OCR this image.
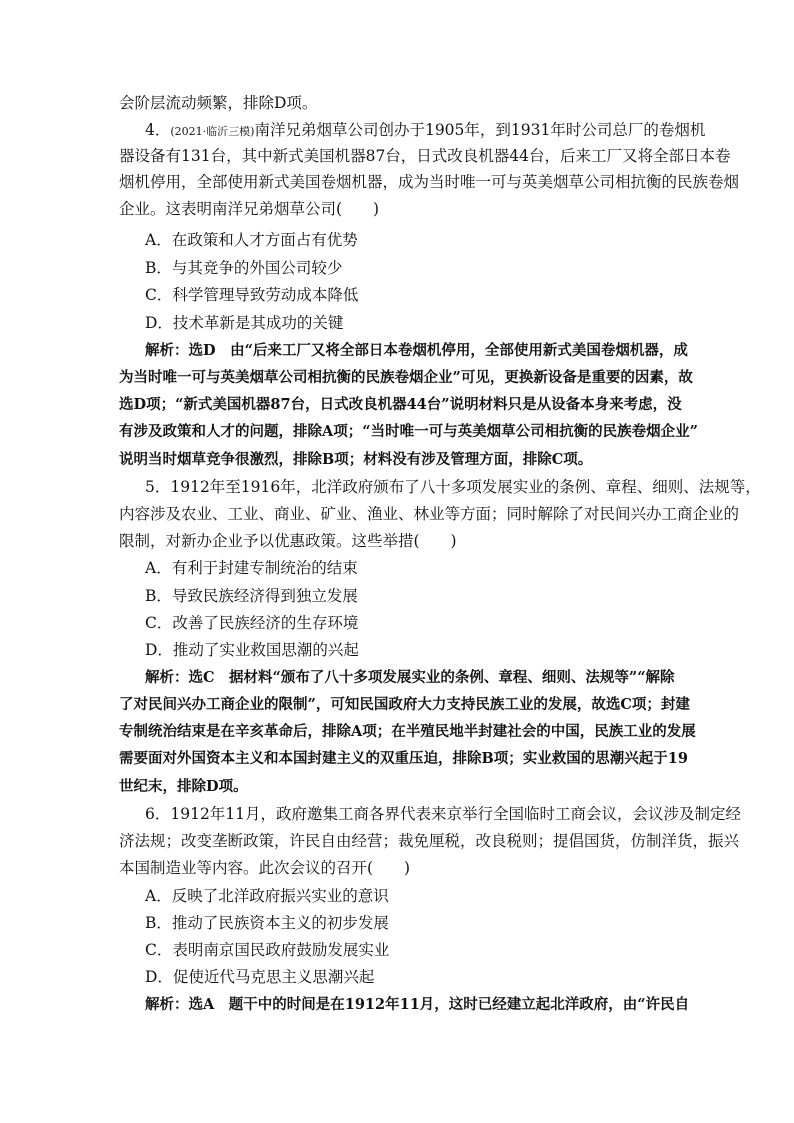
会阶层流动频繁，排除D项。
4．(2021·临沂三模)南洋兄弟烟草公司创办于1905年，到1931年时公司总厂的卷烟机
器设备有131台，其中新式美国机器87台，日式改良机器44台，后来工厂又将全部日本卷
烟机停用，全部使用新式美国卷烟机器，成为当时唯一可与英美烟草公司相抗衡的民族卷烟
企业。这表明南洋兄弟烟草公司(　　)
A．在政策和人才方面占有优势
B．与其竞争的外国公司较少
C．科学管理导致劳动成本降低
D．技术革新是其成功的关键
解析：选D　由“后来工厂又将全部日本卷烟机停用，全部使用新式美国卷烟机器，成
为当时唯一可与英美烟草公司相抗衡的民族卷烟企业”可见，更换新设备是重要的因素，故
选D项；“新式美国机器87台，日式改良机器44台”说明材料只是从设备本身来考虑，没
有涉及政策和人才的问题，排除A项；“当时唯一可与英美烟草公司相抗衡的民族卷烟企业”
说明当时烟草竞争很激烈，排除B项；材料没有涉及管理方面，排除C项。
5．1912年至1916年，北洋政府颁布了八十多项发展实业的条例、章程、细则、法规等，
内容涉及农业、工业、商业、矿业、渔业、林业等方面；同时解除了对民间兴办工商企业的
限制，对新办企业予以优惠政策。这些举措(　　)
A．有利于封建专制统治的结束
B．导致民族经济得到独立发展
C．改善了民族经济的生存环境
D．推动了实业救国思潮的兴起
解析：选C　据材料“颁布了八十多项发展实业的条例、章程、细则、法规等”“解除
了对民间兴办工商企业的限制”，可知民国政府大力支持民族工业的发展，故选C项；封建
专制统治结束是在辛亥革命后，排除A项；在半殖民地半封建社会的中国，民族工业的发展
需要面对外国资本主义和本国封建主义的双重压迫，排除B项；实业救国的思潮兴起于19
世纪末，排除D项。
6．1912年11月，政府邀集工商各界代表来京举行全国临时工商会议，会议涉及制定经
济法规；改变垄断政策，许民自由经营；裁免厘税，改良税则；提倡国货，仿制洋货，振兴
本国制造业等内容。此次会议的召开(　　)
A．反映了北洋政府振兴实业的意识
B．推动了民族资本主义的初步发展
C．表明南京国民政府鼓励发展实业
D．促使近代马克思主义思潮兴起
解析：选A　题干中的时间是在1912年11月，这时已经建立起北洋政府，由“许民自
